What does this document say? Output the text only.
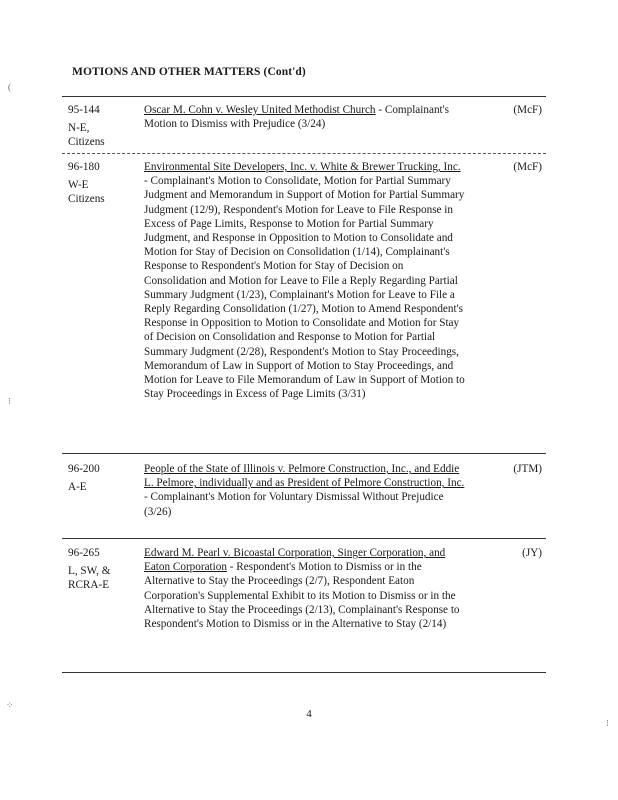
MOTIONS AND OTHER MATTERS (Cont'd)
95-144
N-E,
Citizens
Oscar M. Cohn v. Wesley United Methodist Church - Complainant's Motion to Dismiss with Prejudice (3/24)
(McF)
96-180
W-E
Citizens
Environmental Site Developers, Inc. v. White & Brewer Trucking, Inc. - Complainant's Motion to Consolidate, Motion for Partial Summary Judgment and Memorandum in Support of Motion for Partial Summary Judgment (12/9), Respondent's Motion for Leave to File Response in Excess of Page Limits, Response to Motion for Partial Summary Judgment, and Response in Opposition to Motion to Consolidate and Motion for Stay of Decision on Consolidation (1/14), Complainant's Response to Respondent's Motion for Stay of Decision on Consolidation and Motion for Leave to File a Reply Regarding Partial Summary Judgment (1/23), Complainant's Motion for Leave to File a Reply Regarding Consolidation (1/27), Motion to Amend Respondent's Response in Opposition to Motion to Consolidate and Motion for Stay of Decision on Consolidation and Response to Motion for Partial Summary Judgment (2/28), Respondent's Motion to Stay Proceedings, Memorandum of Law in Support of Motion to Stay Proceedings, and Motion for Leave to File Memorandum of Law in Support of Motion to Stay Proceedings in Excess of Page Limits (3/31)
(McF)
96-200
A-E
People of the State of Illinois v. Pelmore Construction, Inc., and Eddie L. Pelmore, individually and as President of Pelmore Construction, Inc. - Complainant's Motion for Voluntary Dismissal Without Prejudice (3/26)
(JTM)
96-265
L, SW, &
RCRA-E
Edward M. Pearl v. Bicoastal Corporation, Singer Corporation, and Eaton Corporation - Respondent's Motion to Dismiss or in the Alternative to Stay the Proceedings (2/7), Respondent Eaton Corporation's Supplemental Exhibit to its Motion to Dismiss or in the Alternative to Stay the Proceedings (2/13), Complainant's Response to Respondent's Motion to Dismiss or in the Alternative to Stay (2/14)
(JY)
4
(
⁝
⁘
⁝
